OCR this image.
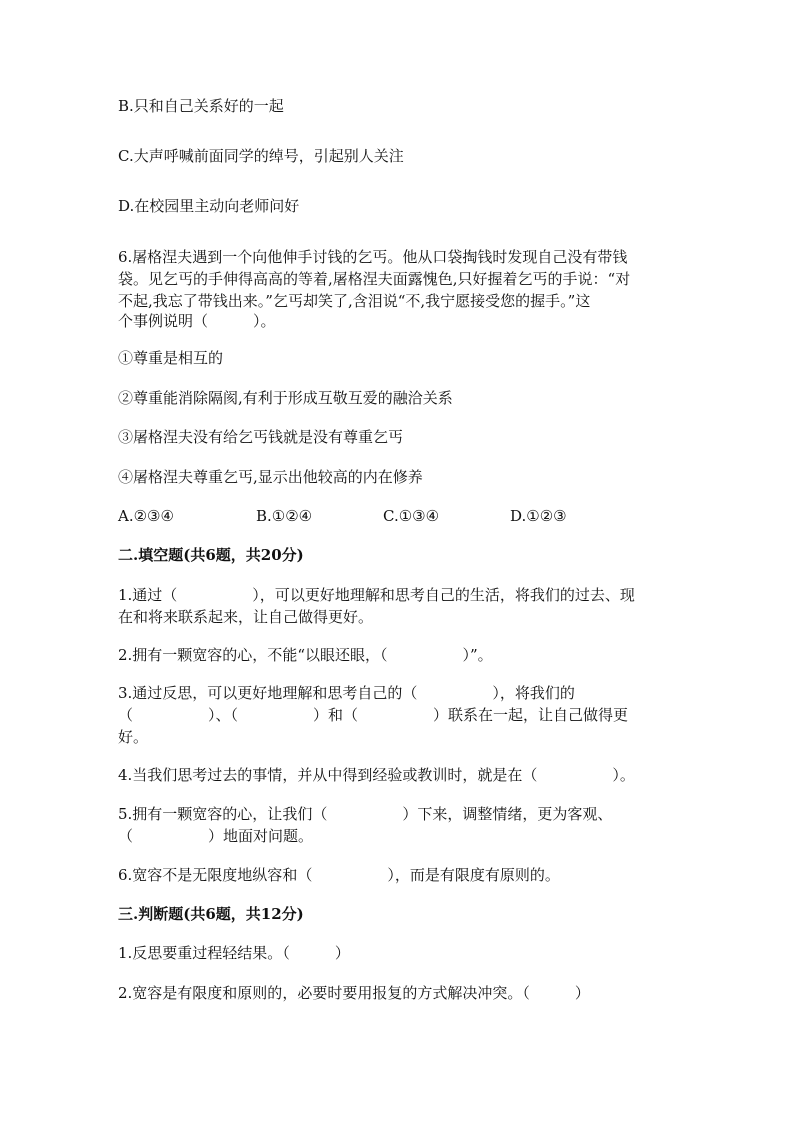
B.只和自己关系好的一起
C.大声呼喊前面同学的绰号，引起别人关注
D.在校园里主动向老师问好
6.屠格涅夫遇到一个向他伸手讨钱的乞丐。他从口袋掏钱时发现自己没有带钱
袋。见乞丐的手伸得高高的等着,屠格涅夫面露愧色,只好握着乞丐的手说：“对
不起,我忘了带钱出来。”乞丐却笑了,含泪说“不,我宁愿接受您的握手。”这
个事例说明（　　　）。
①尊重是相互的
②尊重能消除隔阂,有利于形成互敬互爱的融洽关系
③屠格涅夫没有给乞丐钱就是没有尊重乞丐
④屠格涅夫尊重乞丐,显示出他较高的内在修养
A.②③④	B.①②④	C.①③④	D.①②③
二.填空题(共6题，共20分)
1.通过（　　　　　），可以更好地理解和思考自己的生活，将我们的过去、现
在和将来联系起来，让自己做得更好。
2.拥有一颗宽容的心，不能“以眼还眼，（　　　　　）”。
3.通过反思，可以更好地理解和思考自己的（　　　　　），将我们的
（　　　　　）、（　　　　　）和（　　　　　）联系在一起，让自己做得更
好。
4.当我们思考过去的事情，并从中得到经验或教训时，就是在（　　　　　）。
5.拥有一颗宽容的心，让我们（　　　　　）下来，调整情绪，更为客观、
（　　　　　）地面对问题。
6.宽容不是无限度地纵容和（　　　　　），而是有限度有原则的。
三.判断题(共6题，共12分)
1.反思要重过程轻结果。（　　　）
2.宽容是有限度和原则的，必要时要用报复的方式解决冲突。（　　　）
